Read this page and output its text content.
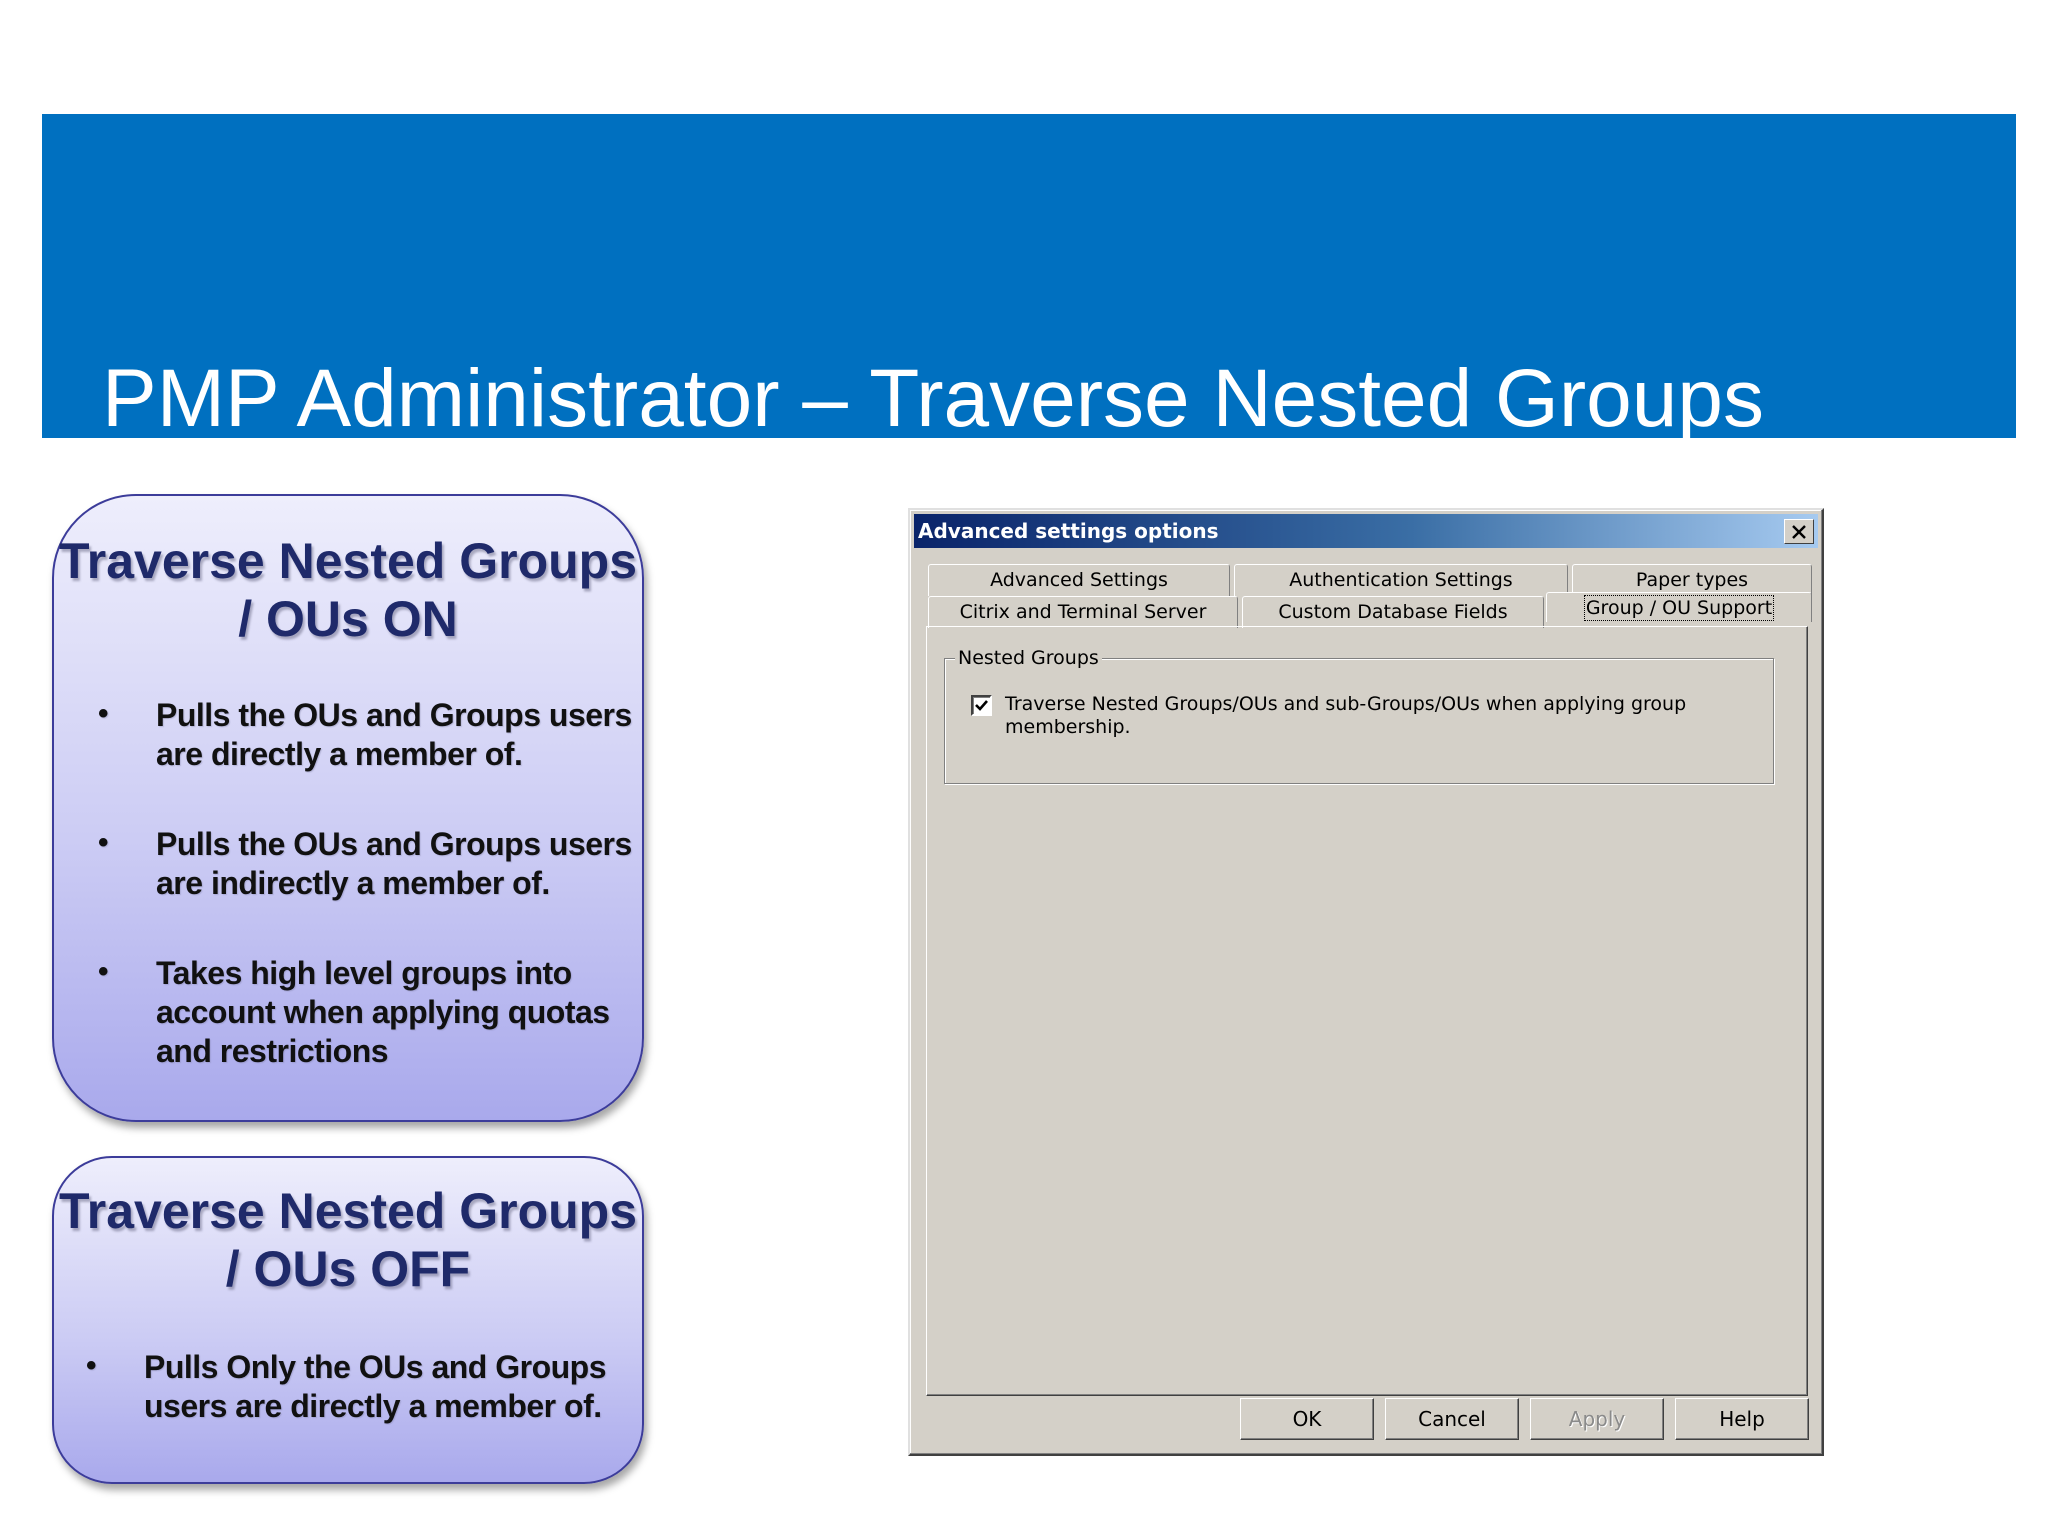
PMP Administrator – Traverse Nested Groups
Traverse Nested Groups / OUs ON
• Pulls the OUs and Groups users are directly a member of.
• Pulls the OUs and Groups users are indirectly a member of.
• Takes high level groups into account when applying quotas and restrictions
Traverse Nested Groups / OUs OFF
• Pulls Only the OUs and Groups users are directly a member of.
Advanced settings options
Advanced Settings	Authentication Settings	Paper types
Citrix and Terminal Server	Custom Database Fields	Group / OU Support
Nested Groups
Traverse Nested Groups/OUs and sub-Groups/OUs when applying group membership.
OK	Cancel	Apply	Help
